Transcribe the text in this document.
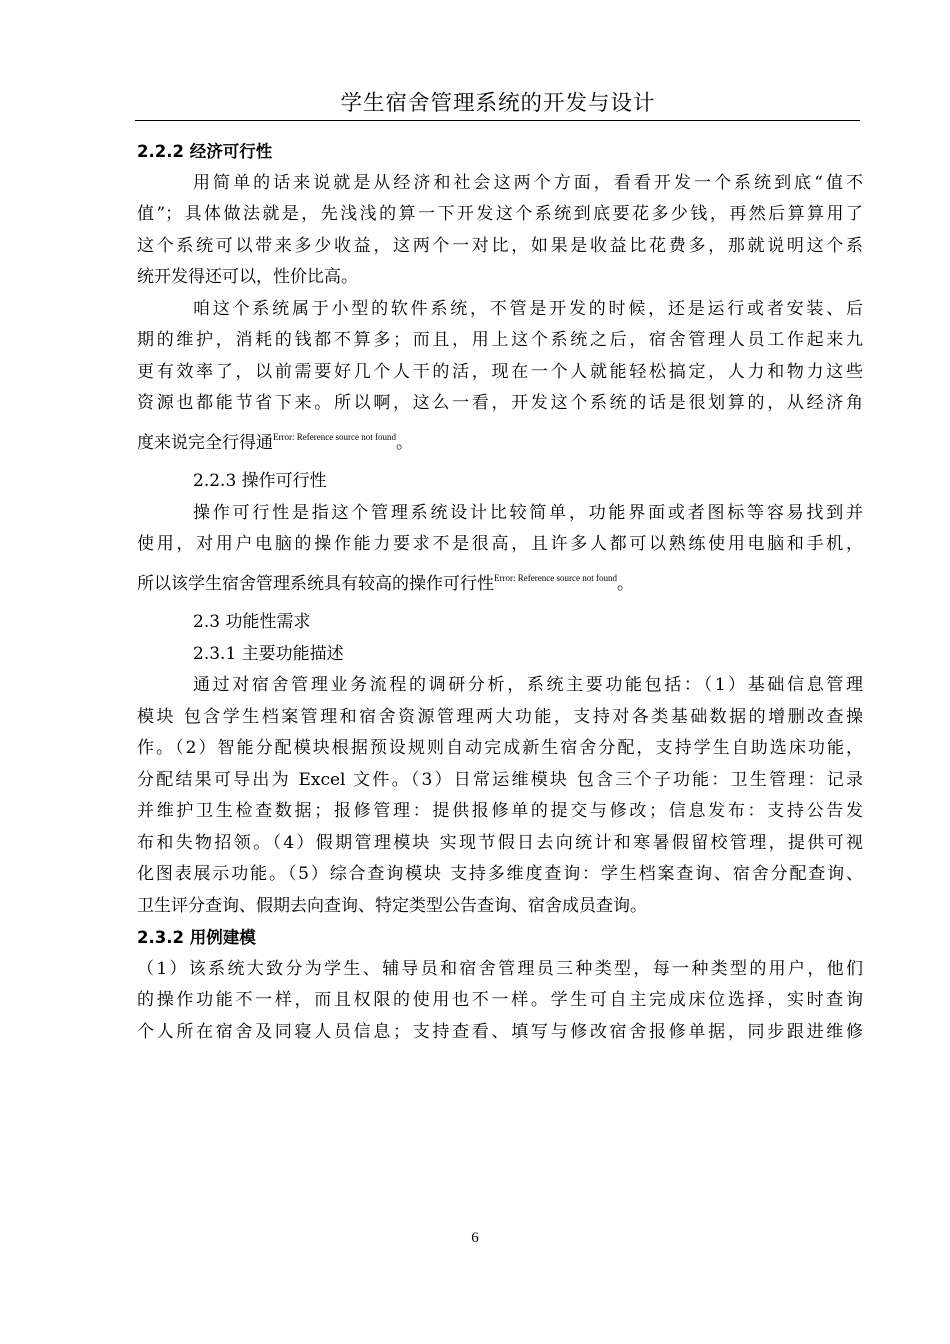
学生宿舍管理系统的开发与设计
2.2.2 经济可行性
用简单的话来说就是从经济和社会这两个方面，看看开发一个系统到底“值不
值”；具体做法就是，先浅浅的算一下开发这个系统到底要花多少钱，再然后算算用了
这个系统可以带来多少收益，这两个一对比，如果是收益比花费多，那就说明这个系
统开发得还可以，性价比高。
咱这个系统属于小型的软件系统，不管是开发的时候，还是运行或者安装、后
期的维护，消耗的钱都不算多；而且，用上这个系统之后，宿舍管理人员工作起来九
更有效率了，以前需要好几个人干的活，现在一个人就能轻松搞定，人力和物力这些
资源也都能节省下来。所以啊，这么一看，开发这个系统的话是很划算的，从经济角
度来说完全行得通$^{Error: Reference source not found}$。
2.2.3 操作可行性
操作可行性是指这个管理系统设计比较简单，功能界面或者图标等容易找到并
使用，对用户电脑的操作能力要求不是很高，且许多人都可以熟练使用电脑和手机，
所以该学生宿舍管理系统具有较高的操作可行性$^{Error: Reference source not found}$。
2.3 功能性需求
2.3.1 主要功能描述
通过对宿舍管理业务流程的调研分析，系统主要功能包括：（1）基础信息管理
模块 包含学生档案管理和宿舍资源管理两大功能，支持对各类基础数据的增删改查操
作。（2）智能分配模块根据预设规则自动完成新生宿舍分配，支持学生自助选床功能，
分配结果可导出为 Excel 文件。（3）日常运维模块 包含三个子功能：卫生管理：记录
并维护卫生检查数据；报修管理：提供报修单的提交与修改；信息发布：支持公告发
布和失物招领。（4）假期管理模块 实现节假日去向统计和寒暑假留校管理，提供可视
化图表展示功能。（5）综合查询模块 支持多维度查询：学生档案查询、宿舍分配查询、
卫生评分查询、假期去向查询、特定类型公告查询、宿舍成员查询。
2.3.2 用例建模
（1）该系统大致分为学生、辅导员和宿舍管理员三种类型，每一种类型的用户，他们
的操作功能不一样，而且权限的使用也不一样。学生可自主完成床位选择，实时查询
个人所在宿舍及同寝人员信息；支持查看、填写与修改宿舍报修单据，同步跟进维修
6
